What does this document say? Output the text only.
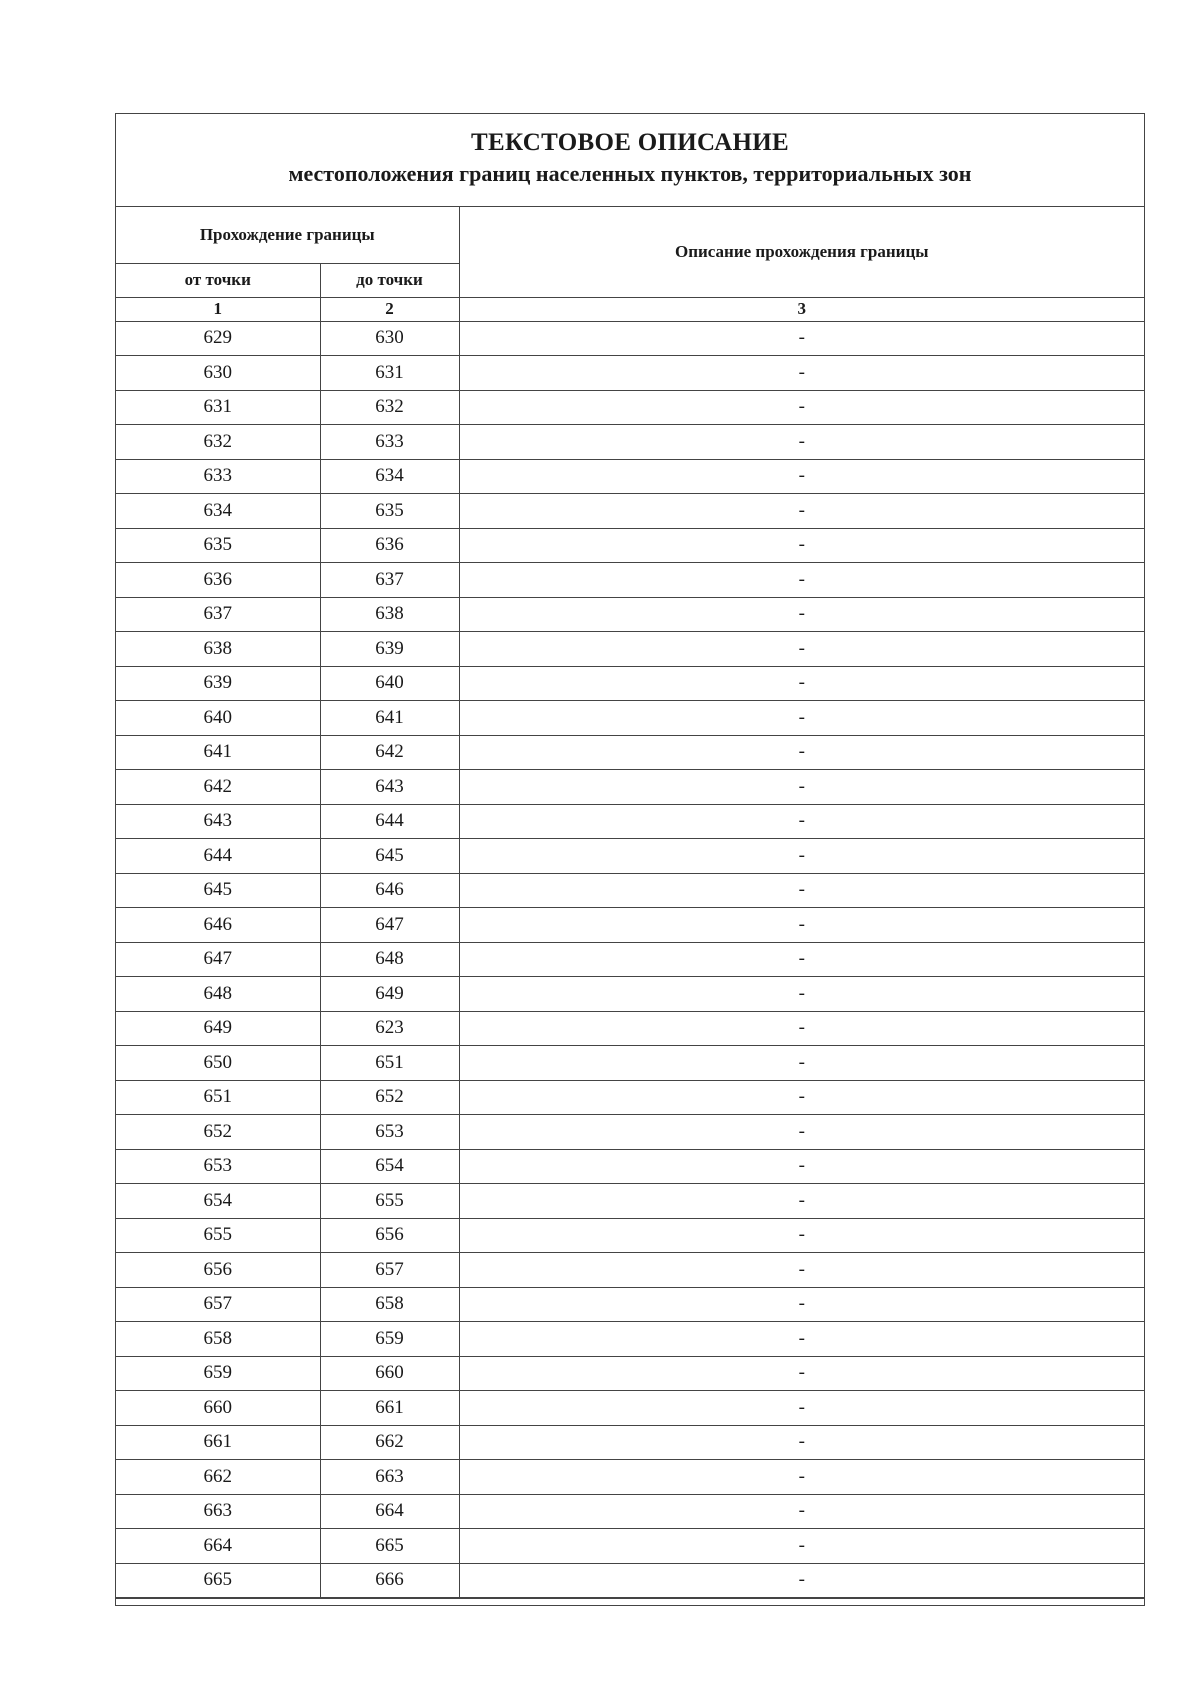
ТЕКСТОВОЕ ОПИСАНИЕ
местоположения границ населенных пунктов, территориальных зон
Прохождение границы		Описание прохождения границы
от точки	до точки	
1	2	3
629	630	-
630	631	-
631	632	-
632	633	-
633	634	-
634	635	-
635	636	-
636	637	-
637	638	-
638	639	-
639	640	-
640	641	-
641	642	-
642	643	-
643	644	-
644	645	-
645	646	-
646	647	-
647	648	-
648	649	-
649	623	-
650	651	-
651	652	-
652	653	-
653	654	-
654	655	-
655	656	-
656	657	-
657	658	-
658	659	-
659	660	-
660	661	-
661	662	-
662	663	-
663	664	-
664	665	-
665	666	-
